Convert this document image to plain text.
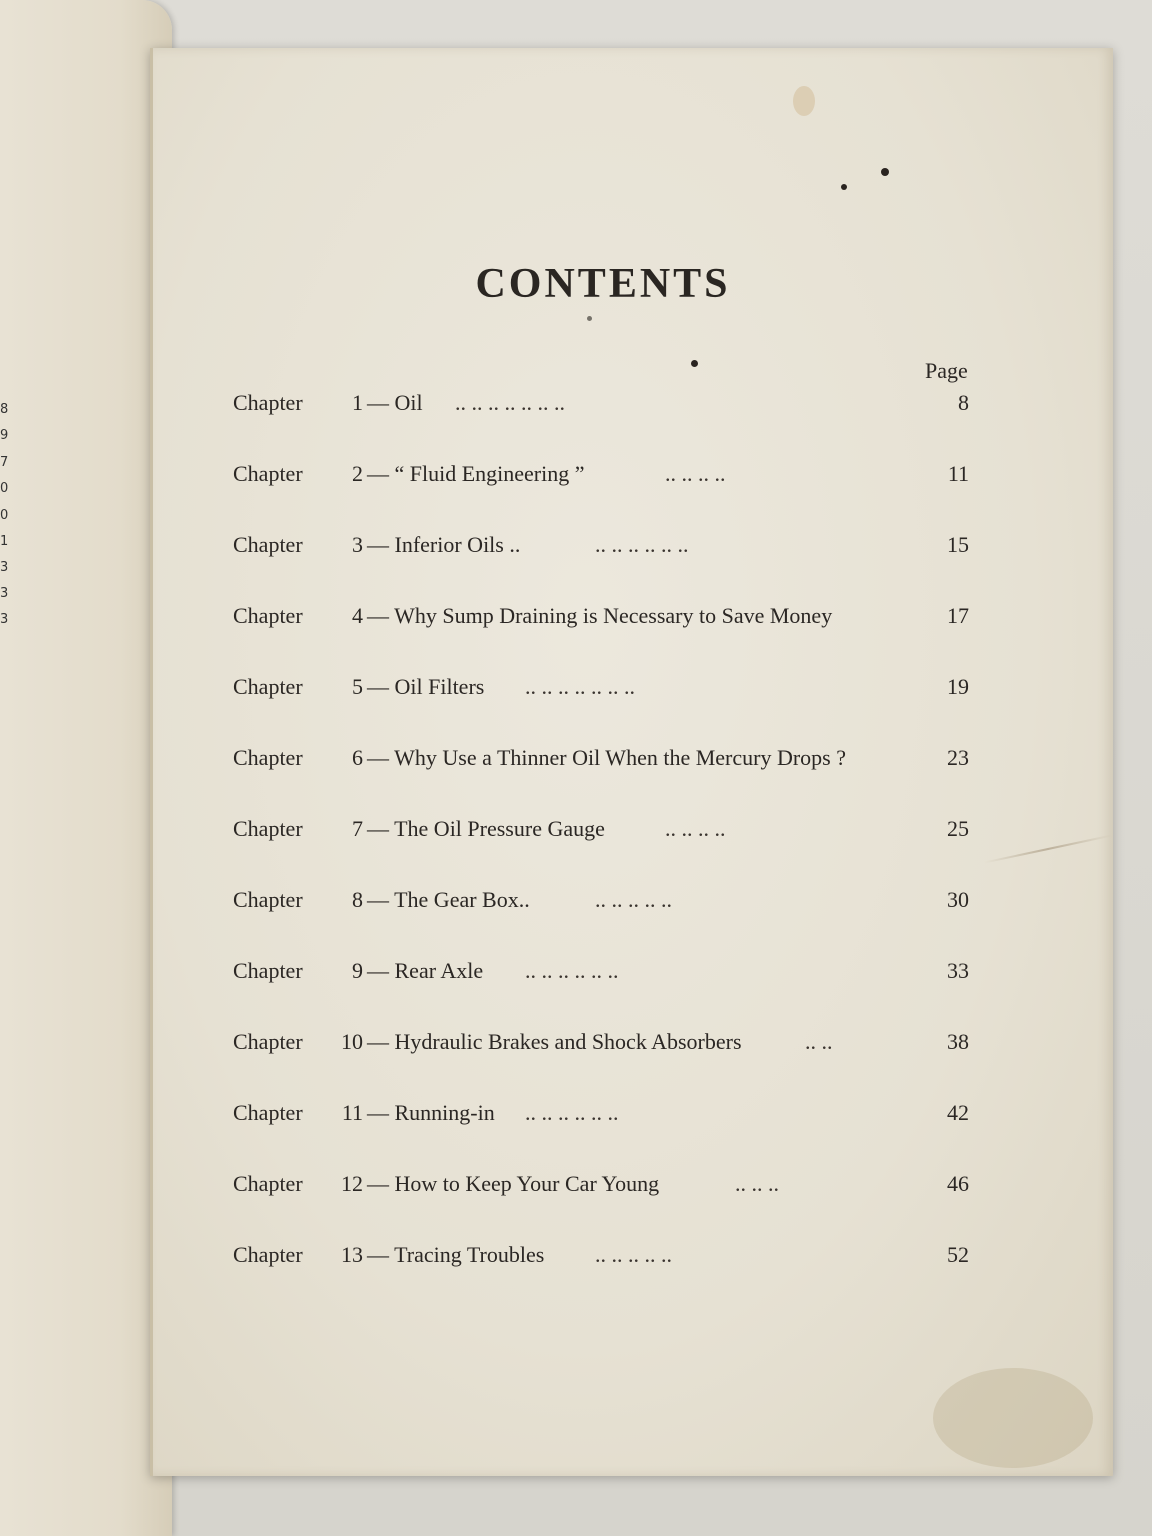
8
9
7
0
0
1
3
3
3
CONTENTS
Page
Chapter	1 — Oil .. .. .. .. .. .. ..	8
Chapter	2 — “ Fluid Engineering ”	.. .. .. ..	11
Chapter	3 — Inferior Oils ..	.. .. .. .. .. ..	15
Chapter	4 — Why Sump Draining is Necessary to Save Money	17
Chapter	5 — Oil Filters .. .. .. .. .. .. ..	19
Chapter	6 — Why Use a Thinner Oil When the Mercury Drops ?	23
Chapter	7 — The Oil Pressure Gauge	.. .. .. ..	25
Chapter	8 — The Gear Box..	.. .. .. .. ..	30
Chapter	9 — Rear Axle .. .. .. .. .. ..	33
Chapter	10 — Hydraulic Brakes and Shock Absorbers	.. ..	38
Chapter	11 — Running-in .. .. .. .. .. ..	42
Chapter	12 — How to Keep Your Car Young	.. .. ..	46
Chapter	13 — Tracing Troubles .. .. .. .. ..	52
